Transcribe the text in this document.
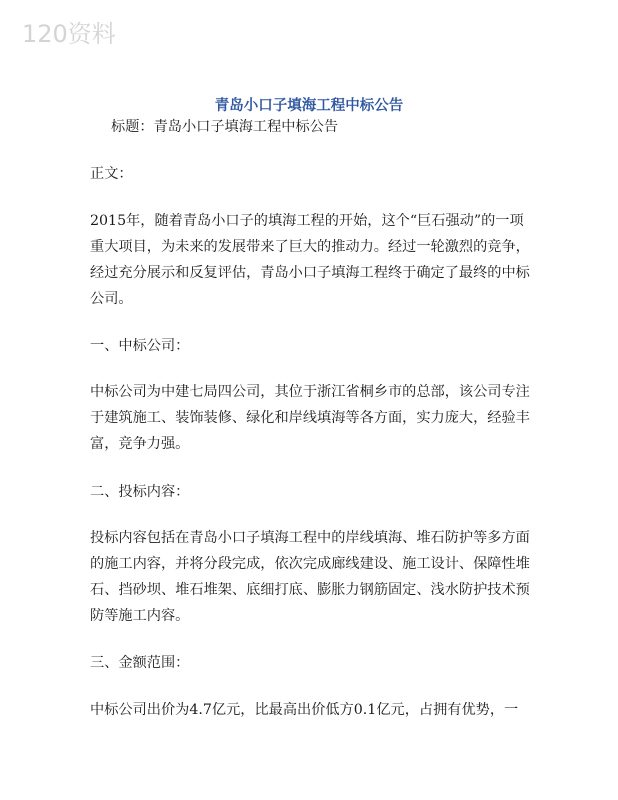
120资料
青岛小口子填海工程中标公告
标题：青岛小口子填海工程中标公告
正文：
2015年，随着青岛小口子的填海工程的开始，这个“巨石强动”的一项重大项目，为未来的发展带来了巨大的推动力。经过一轮激烈的竞争，经过充分展示和反复评估，青岛小口子填海工程终于确定了最终的中标公司。
一、中标公司：
中标公司为中建七局四公司，其位于浙江省桐乡市的总部，该公司专注于建筑施工、装饰装修、绿化和岸线填海等各方面，实力庞大，经验丰富，竞争力强。
二、投标内容：
投标内容包括在青岛小口子填海工程中的岸线填海、堆石防护等多方面的施工内容，并将分段完成，依次完成廊线建设、施工设计、保障性堆石、挡砂坝、堆石堆架、底细打底、膨胀力钢筋固定、浅水防护技术预防等施工内容。
三、金额范围：
中标公司出价为4.7亿元，比最高出价低方0.1亿元，占拥有优势，一
